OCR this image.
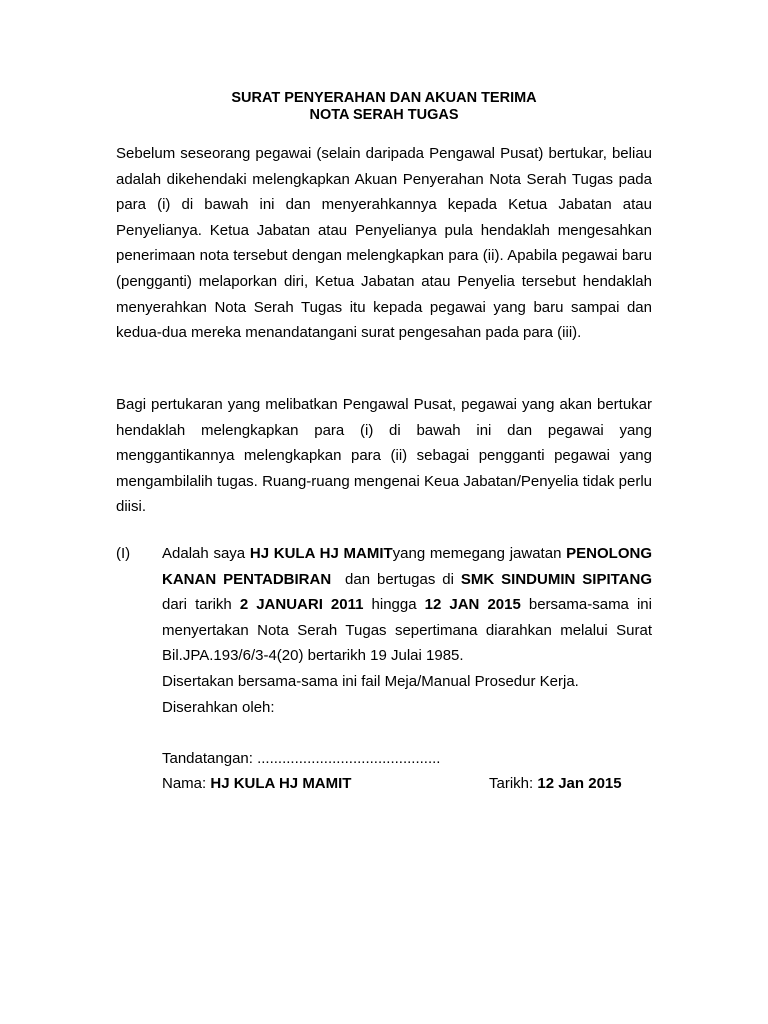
SURAT PENYERAHAN DAN AKUAN TERIMA
NOTA SERAH TUGAS
Sebelum seseorang pegawai (selain daripada Pengawal Pusat) bertukar, beliau adalah dikehendaki melengkapkan Akuan Penyerahan Nota Serah Tugas pada para (i) di bawah ini dan menyerahkannya kepada Ketua Jabatan atau Penyelianya. Ketua Jabatan atau Penyelianya pula hendaklah mengesahkan penerimaan nota tersebut dengan melengkapkan para (ii). Apabila pegawai baru (pengganti) melaporkan diri, Ketua Jabatan atau Penyelia tersebut hendaklah menyerahkan Nota Serah Tugas itu kepada pegawai yang baru sampai dan kedua-dua mereka menandatangani surat pengesahan pada para (iii).
Bagi pertukaran yang melibatkan Pengawal Pusat, pegawai yang akan bertukar hendaklah melengkapkan para (i) di bawah ini dan pegawai yang menggantikannya melengkapkan para (ii) sebagai pengganti pegawai yang mengambilalih tugas. Ruang-ruang mengenai Keua Jabatan/Penyelia tidak perlu diisi.
(I) Adalah saya HJ KULA HJ MAMITyang memegang jawatan PENOLONG KANAN PENTADBIRAN  dan bertugas di SMK SINDUMIN SIPITANG dari tarikh 2 JANUARI 2011 hingga 12 JAN 2015 bersama-sama ini menyertakan Nota Serah Tugas sepertimana diarahkan melalui Surat Bil.JPA.193/6/3-4(20) bertarikh 19 Julai 1985.
Disertakan bersama-sama ini fail Meja/Manual Prosedur Kerja.
Diserahkan oleh:
Tandatangan: ............................................
Nama: HJ KULA HJ MAMIT	Tarikh: 12 Jan 2015
